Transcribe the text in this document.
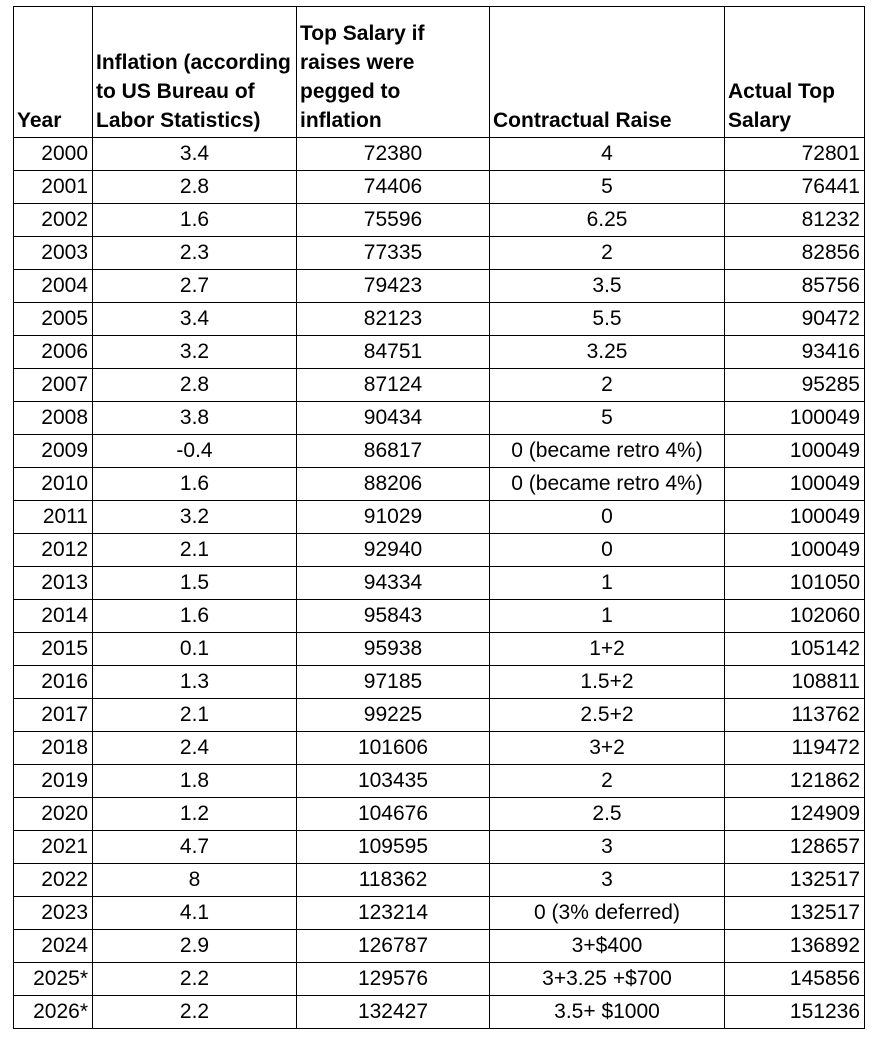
Year	Inflation (according to US Bureau of Labor Statistics)	Top Salary if raises were pegged to inflation	Contractual Raise	Actual Top Salary
2000	3.4	72380	4	72801
2001	2.8	74406	5	76441
2002	1.6	75596	6.25	81232
2003	2.3	77335	2	82856
2004	2.7	79423	3.5	85756
2005	3.4	82123	5.5	90472
2006	3.2	84751	3.25	93416
2007	2.8	87124	2	95285
2008	3.8	90434	5	100049
2009	-0.4	86817	0 (became retro 4%)	100049
2010	1.6	88206	0 (became retro 4%)	100049
2011	3.2	91029	0	100049
2012	2.1	92940	0	100049
2013	1.5	94334	1	101050
2014	1.6	95843	1	102060
2015	0.1	95938	1+2	105142
2016	1.3	97185	1.5+2	108811
2017	2.1	99225	2.5+2	113762
2018	2.4	101606	3+2	119472
2019	1.8	103435	2	121862
2020	1.2	104676	2.5	124909
2021	4.7	109595	3	128657
2022	8	118362	3	132517
2023	4.1	123214	0 (3% deferred)	132517
2024	2.9	126787	3+$400	136892
2025*	2.2	129576	3+3.25 +$700	145856
2026*	2.2	132427	3.5+ $1000	151236
